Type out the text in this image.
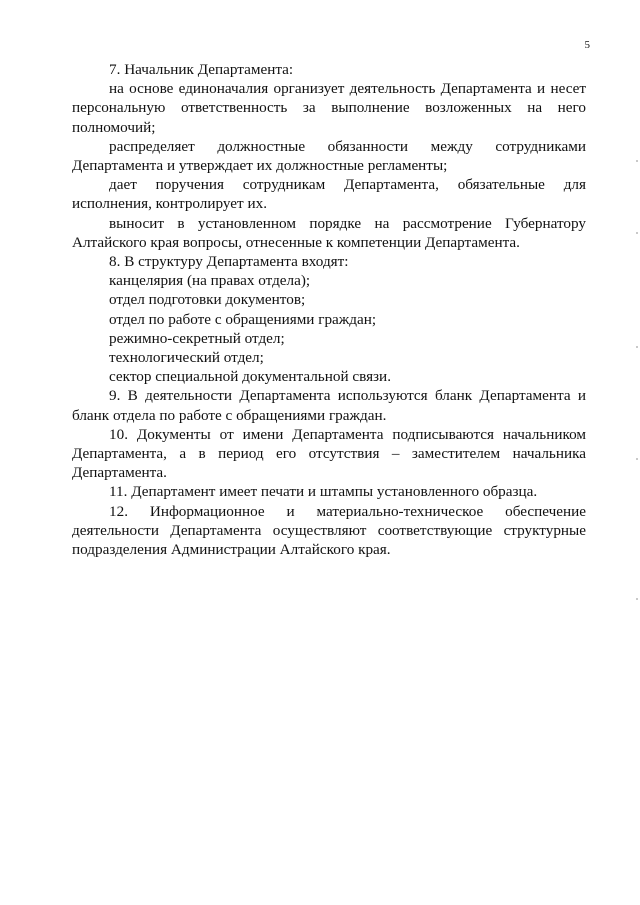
5

7. Начальник Департамента:

на основе единоначалия организует деятельность Департамента и несет персональную ответственность за выполнение возложенных на него полномочий;

распределяет должностные обязанности между сотрудниками Департамента и утверждает их должностные регламенты;

дает поручения сотрудникам Департамента, обязательные для исполнения, контролирует их.

выносит в установленном порядке на рассмотрение Губернатору Алтайского края вопросы, отнесенные к компетенции Департамента.

8. В структуру Департамента входят:

канцелярия (на правах отдела);

отдел подготовки документов;

отдел по работе с обращениями граждан;

режимно-секретный отдел;

технологический отдел;

сектор специальной документальной связи.

9. В деятельности Департамента используются бланк Департамента и бланк отдела по работе с обращениями граждан.

10. Документы от имени Департамента подписываются начальником Департамента, а в период его отсутствия – заместителем начальника Департамента.

11. Департамент имеет печати и штампы установленного образца.

12. Информационное и материально-техническое обеспечение деятельности Департамента осуществляют соответствующие структурные подразделения Администрации Алтайского края.
